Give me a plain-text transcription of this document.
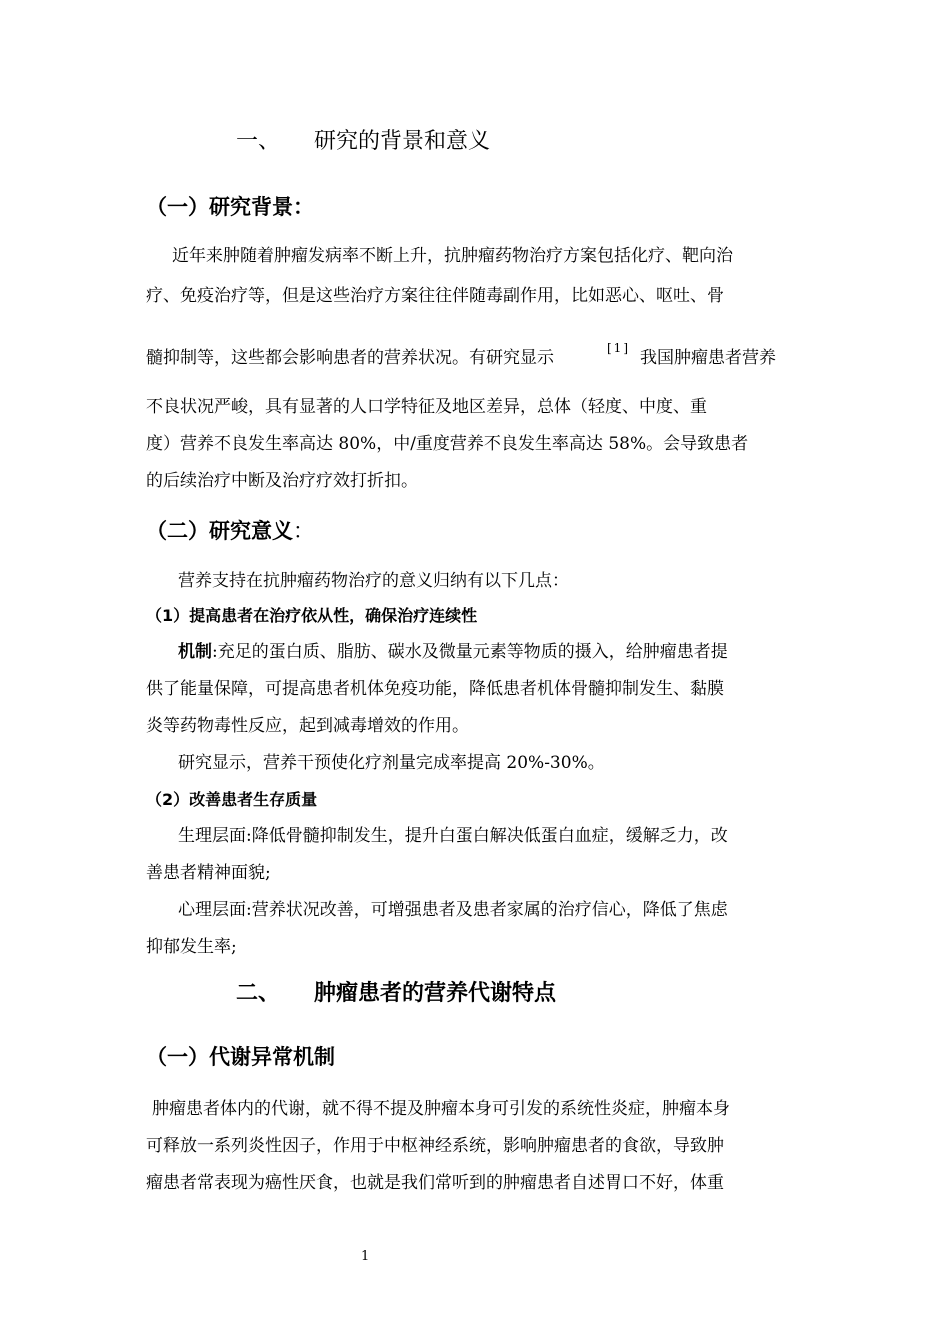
一、 研究的背景和意义
（一）研究背景：
近年来肿随着肿瘤发病率不断上升，抗肿瘤药物治疗方案包括化疗、靶向治
疗、免疫治疗等，但是这些治疗方案往往伴随毒副作用，比如恶心、呕吐、骨
髓抑制等，这些都会影响患者的营养状况。有研究显示	[1] 我国肿瘤患者营养
不良状况严峻，具有显著的人口学特征及地区差异，总体（轻度、中度、重
度）营养不良发生率高达 80%，中/重度营养不良发生率高达 58%。会导致患者
的后续治疗中断及治疗疗效打折扣。
（二）研究意义：
营养支持在抗肿瘤药物治疗的意义归纳有以下几点：
（1）提高患者在治疗依从性，确保治疗连续性
机制:充足的蛋白质、脂肪、碳水及微量元素等物质的摄入，给肿瘤患者提
供了能量保障，可提高患者机体免疫功能，降低患者机体骨髓抑制发生、黏膜
炎等药物毒性反应，起到减毒增效的作用。
研究显示，营养干预使化疗剂量完成率提高 20%-30%。
（2）改善患者生存质量
生理层面:降低骨髓抑制发生，提升白蛋白解决低蛋白血症，缓解乏力，改
善患者精神面貌;
心理层面:营养状况改善，可增强患者及患者家属的治疗信心，降低了焦虑
抑郁发生率;
二、 肿瘤患者的营养代谢特点
（一）代谢异常机制
肿瘤患者体内的代谢，就不得不提及肿瘤本身可引发的系统性炎症，肿瘤本身
可释放一系列炎性因子，作用于中枢神经系统，影响肿瘤患者的食欲，导致肿
瘤患者常表现为癌性厌食，也就是我们常听到的肿瘤患者自述胃口不好，体重
1
